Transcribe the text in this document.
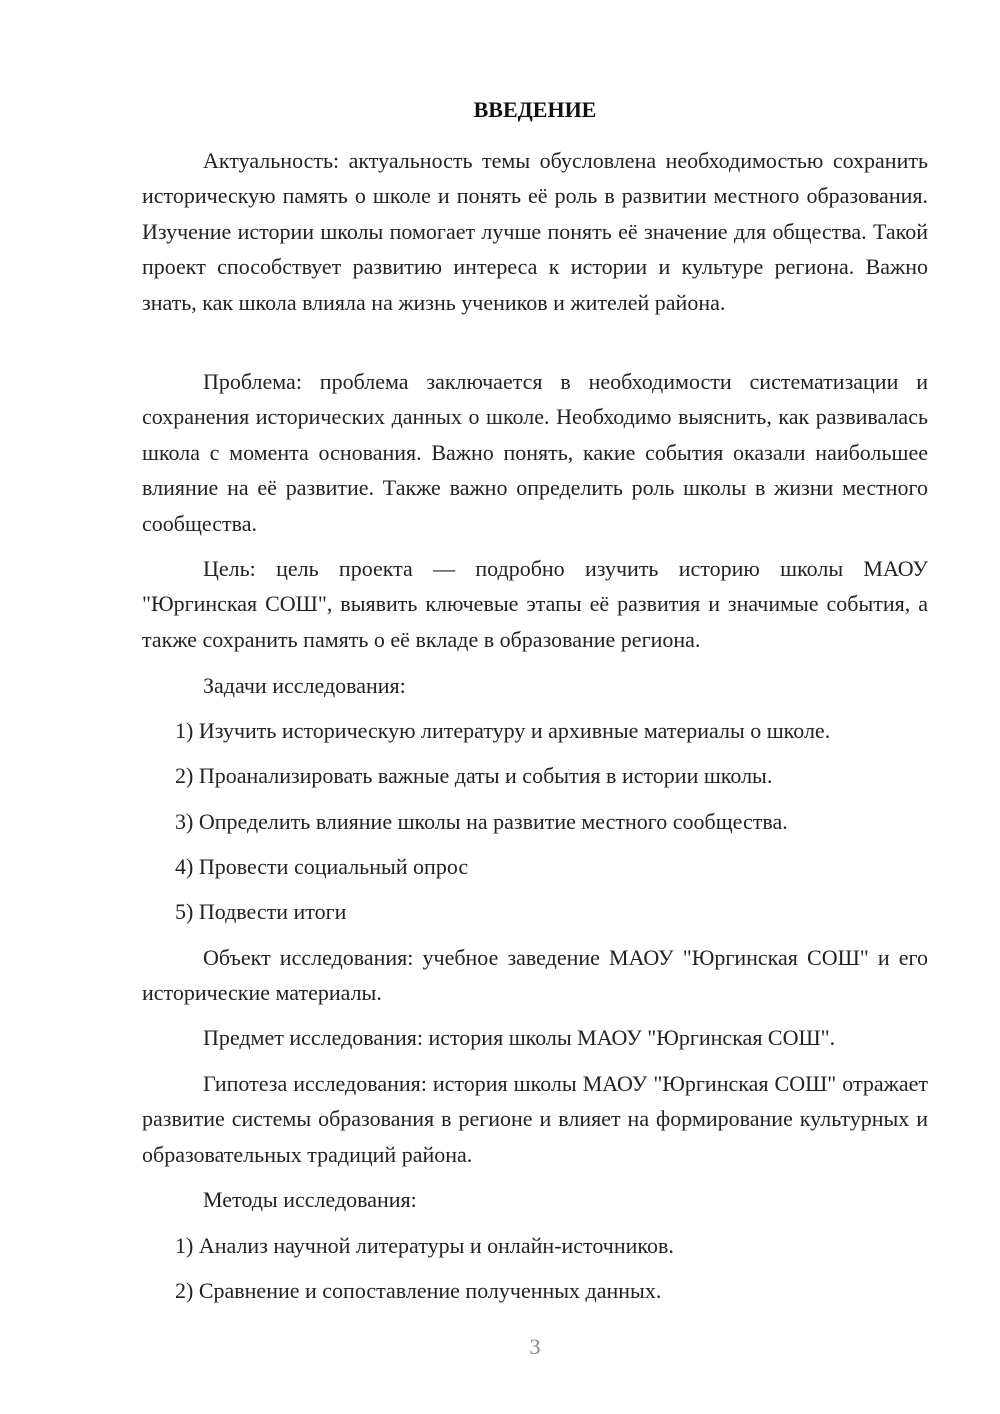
ВВЕДЕНИЕ

Актуальность: актуальность темы обусловлена необходимостью сохранить историческую память о школе и понять её роль в развитии местного образования. Изучение истории школы помогает лучше понять её значение для общества. Такой проект способствует развитию интереса к истории и культуре региона. Важно знать, как школа влияла на жизнь учеников и жителей района.

Проблема: проблема заключается в необходимости систематизации и сохранения исторических данных о школе. Необходимо выяснить, как развивалась школа с момента основания. Важно понять, какие события оказали наибольшее влияние на её развитие. Также важно определить роль школы в жизни местного сообщества.

Цель: цель проекта — подробно изучить историю школы МАОУ "Юргинская СОШ", выявить ключевые этапы её развития и значимые события, а также сохранить память о её вкладе в образование региона.

Задачи исследования:

1) Изучить историческую литературу и архивные материалы о школе.

2) Проанализировать важные даты и события в истории школы.

3) Определить влияние школы на развитие местного сообщества.

4) Провести социальный опрос

5) Подвести итоги

Объект исследования: учебное заведение МАОУ "Юргинская СОШ" и его исторические материалы.

Предмет исследования: история школы МАОУ "Юргинская СОШ".

Гипотеза исследования: история школы МАОУ "Юргинская СОШ" отражает развитие системы образования в регионе и влияет на формирование культурных и образовательных традиций района.

Методы исследования:

1) Анализ научной литературы и онлайн-источников.

2) Сравнение и сопоставление полученных данных.

3
